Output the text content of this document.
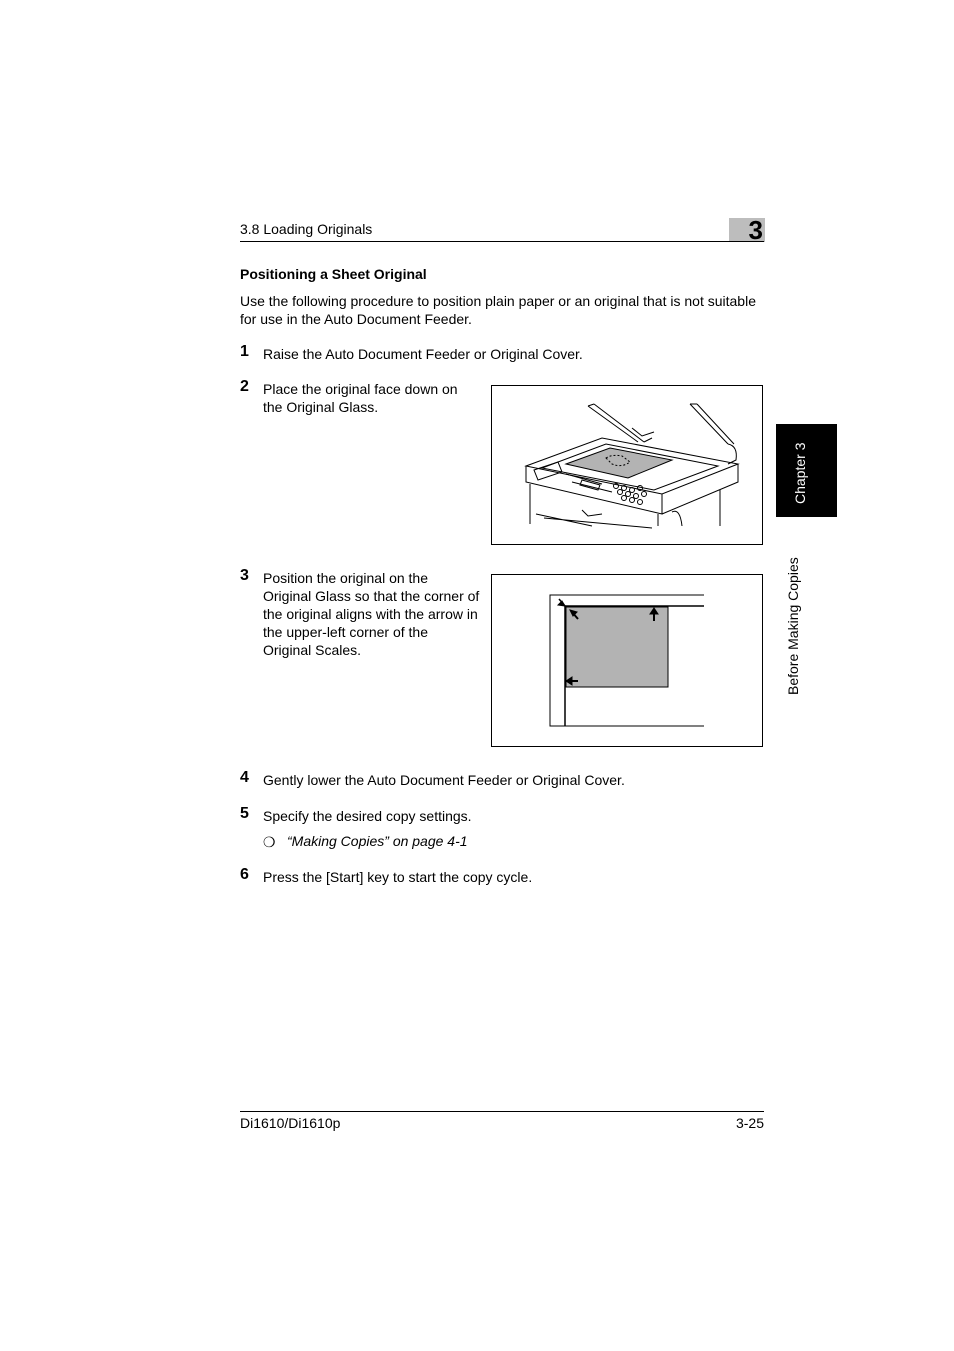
3.8 Loading Originals	3
Positioning a Sheet Original
Use the following procedure to position plain paper or an original that is not suitable for use in the Auto Document Feeder.
1 Raise the Auto Document Feeder or Original Cover.
2 Place the original face down on
the Original Glass.
3 Position the original on the
Original Glass so that the corner of
the original aligns with the arrow in
the upper-left corner of the
Original Scales.
4 Gently lower the Auto Document Feeder or Original Cover.
5 Specify the desired copy settings.
❍ “Making Copies” on page 4-1
6 Press the [Start] key to start the copy cycle.
Chapter 3
Before Making Copies
Di1610/Di1610p	3-25
